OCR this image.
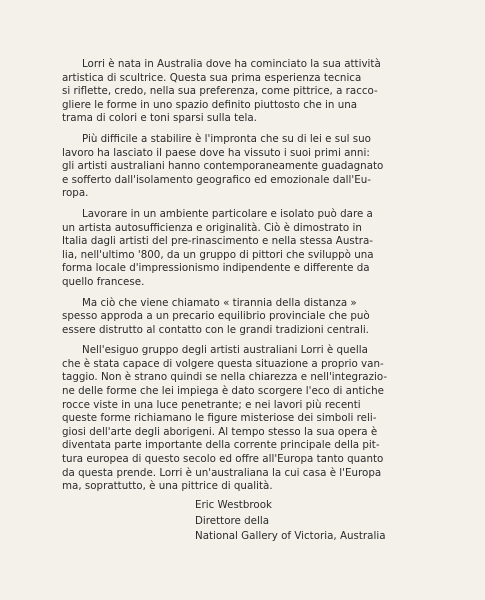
Lorri è nata in Australia dove ha cominciato la sua attività
artistica di scultrice. Questa sua prima esperienza tecnica
si riflette, credo, nella sua preferenza, come pittrice, a racco-
gliere le forme in uno spazio definito piuttosto che in una
trama di colori e toni sparsi sulla tela.
Più difficile a stabilire è l'impronta che su di lei e sul suo
lavoro ha lasciato il paese dove ha vissuto i suoi primi anni:
gli artisti australiani hanno contemporaneamente guadagnato
e sofferto dall'isolamento geografico ed emozionale dall'Eu-
ropa.
Lavorare in un ambiente particolare e isolato può dare a
un artista autosufficienza e originalità. Ciò è dimostrato in
Italia dagli artisti del pre-rinascimento e nella stessa Austra-
lia, nell'ultimo '800, da un gruppo di pittori che sviluppò una
forma locale d'impressionismo indipendente e differente da
quello francese.
Ma ciò che viene chiamato « tirannia della distanza »
spesso approda a un precario equilibrio provinciale che può
essere distrutto al contatto con le grandi tradizioni centrali.
Nell'esiguo gruppo degli artisti australiani Lorri è quella
che è stata capace di volgere questa situazione a proprio van-
taggio. Non è strano quindi se nella chiarezza e nell'integrazio-
ne delle forme che lei impiega è dato scorgere l'eco di antiche
rocce viste in una luce penetrante; e nei lavori più recenti
queste forme richiamano le figure misteriose dei simboli reli-
giosi dell'arte degli aborigeni. Al tempo stesso la sua opera è
diventata parte importante della corrente principale della pit-
tura europea di questo secolo ed offre all'Europa tanto quanto
da questa prende. Lorri è un'australiana la cui casa è l'Europa
ma, soprattutto, è una pittrice di qualità.
Eric Westbrook
Direttore della
National Gallery of Victoria, Australia
